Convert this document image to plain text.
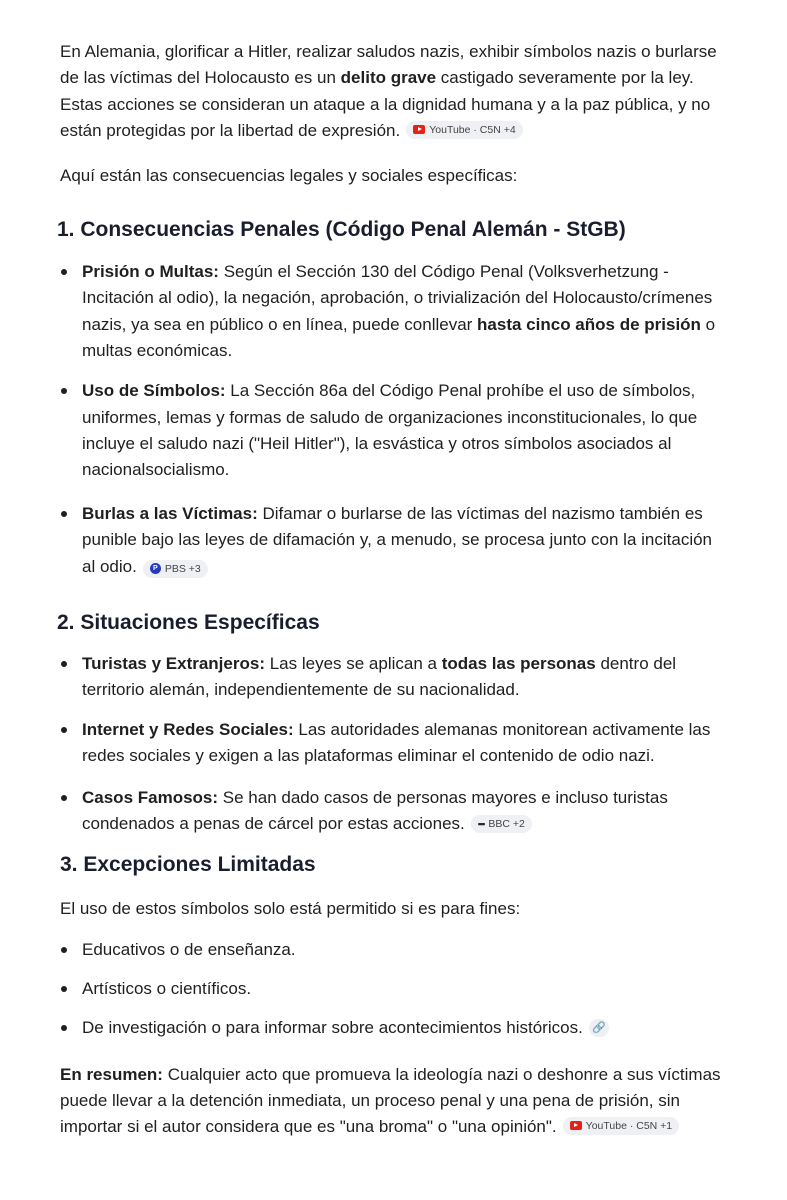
En Alemania, glorificar a Hitler, realizar saludos nazis, exhibir símbolos nazis o burlarse

de las víctimas del Holocausto es un delito grave castigado severamente por la ley.

Estas acciones se consideran un ataque a la dignidad humana y a la paz pública, y no

están protegidas por la libertad de expresión.	YouTube · C5N +4

Aquí están las consecuencias legales y sociales específicas:

1. Consecuencias Penales (Código Penal Alemán - StGB)

Prisión o Multas: Según el Sección 130 del Código Penal (Volksverhetzung -

Incitación al odio), la negación, aprobación, o trivialización del Holocausto/crímenes

nazis, ya sea en público o en línea, puede conllevar hasta cinco años de prisión o

multas económicas.

Uso de Símbolos: La Sección 86a del Código Penal prohíbe el uso de símbolos,

uniformes, lemas y formas de saludo de organizaciones inconstitucionales, lo que

incluye el saludo nazi ("Heil Hitler"), la esvástica y otros símbolos asociados al

nacionalsocialismo.

Burlas a las Víctimas: Difamar o burlarse de las víctimas del nazismo también es

punible bajo las leyes de difamación y, a menudo, se procesa junto con la incitación

al odio.	P PBS +3

2. Situaciones Específicas

Turistas y Extranjeros: Las leyes se aplican a todas las personas dentro del

territorio alemán, independientemente de su nacionalidad.

Internet y Redes Sociales: Las autoridades alemanas monitorean activamente las

redes sociales y exigen a las plataformas eliminar el contenido de odio nazi.

Casos Famosos: Se han dado casos de personas mayores e incluso turistas

condenados a penas de cárcel por estas acciones. ▪▪▪ BBC +2

3. Excepciones Limitadas

El uso de estos símbolos solo está permitido si es para fines:

Educativos o de enseñanza.

Artísticos o científicos.

De investigación o para informar sobre acontecimientos históricos. 🔗

En resumen: Cualquier acto que promueva la ideología nazi o deshonre a sus víctimas

puede llevar a la detención inmediata, un proceso penal y una pena de prisión, sin

importar si el autor considera que es "una broma" o "una opinión".	YouTube · C5N +1
